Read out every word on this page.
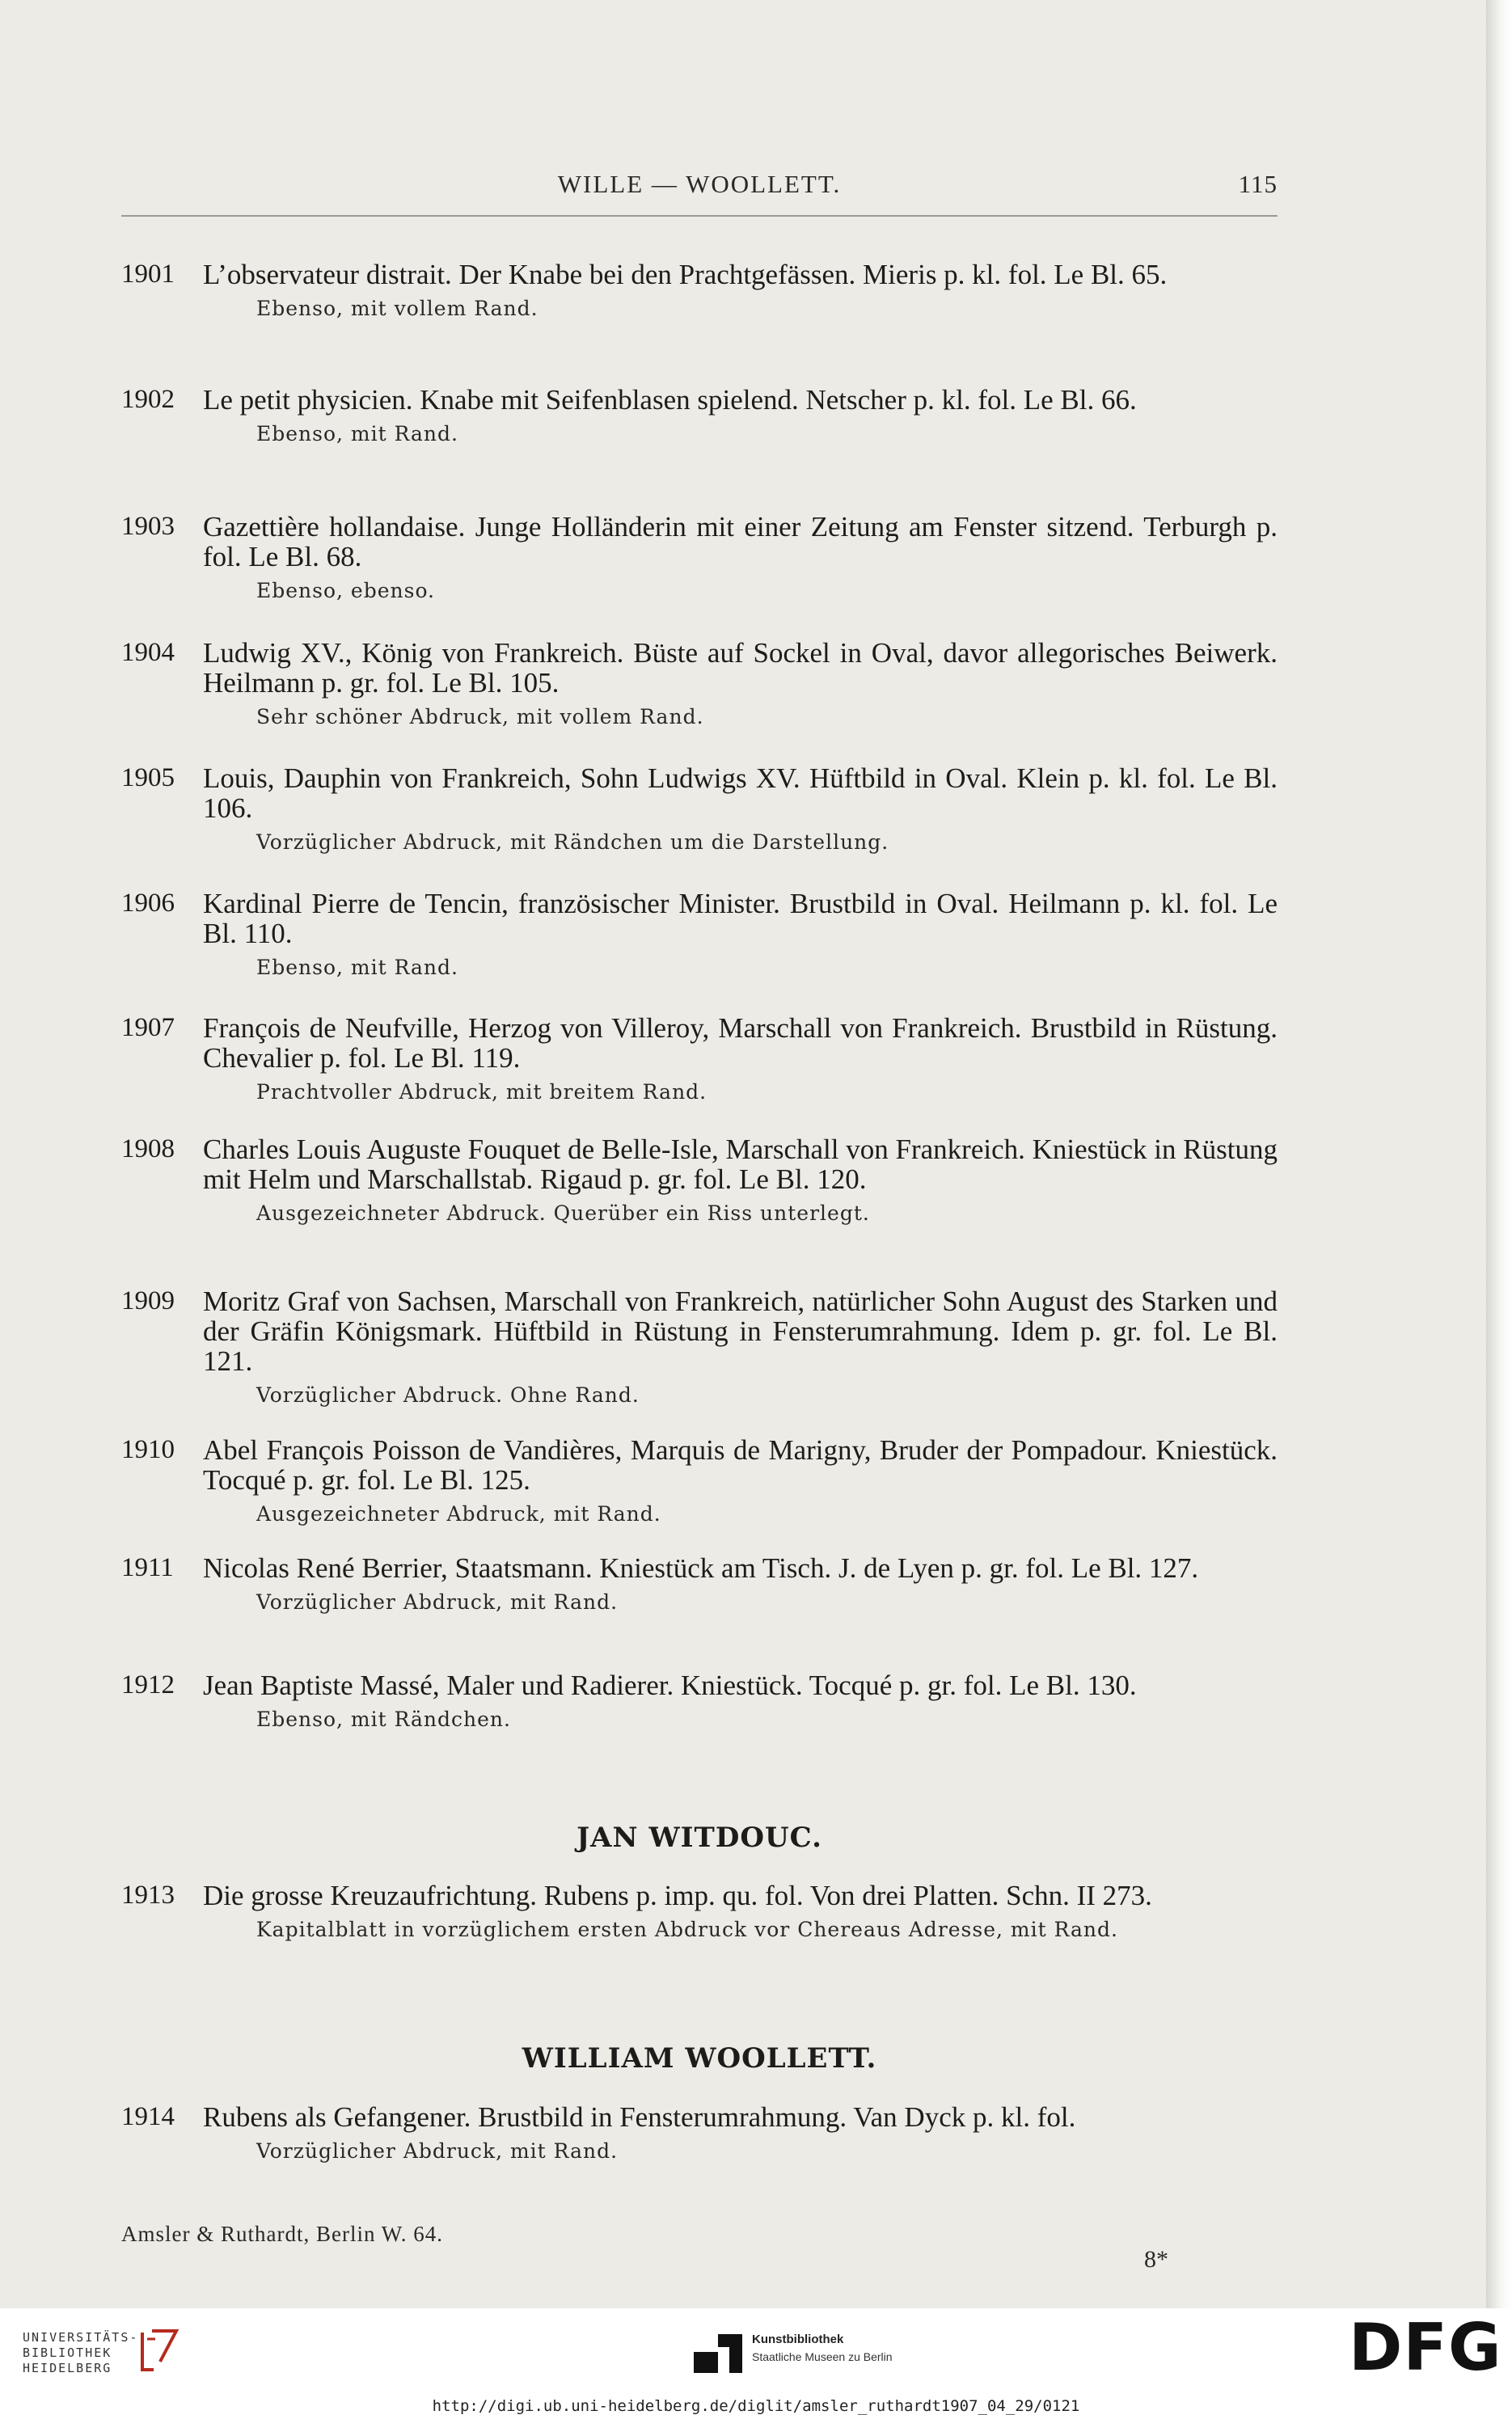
WILLE — WOOLLETT.	115
1901	L’observateur distrait. Der Knabe bei den Prachtgefässen. Mieris p. kl. fol. Le Bl. 65.
Ebenso, mit vollem Rand.
1902	Le petit physicien. Knabe mit Seifenblasen spielend. Netscher p. kl. fol. Le Bl. 66.
Ebenso, mit Rand.
1903	Gazettière hollandaise. Junge Holländerin mit einer Zeitung am Fenster sitzend. Terburgh p. fol. Le Bl. 68.
Ebenso, ebenso.
1904	Ludwig XV., König von Frankreich. Büste auf Sockel in Oval, davor allegorisches Beiwerk. Heilmann p. gr. fol. Le Bl. 105.
Sehr schöner Abdruck, mit vollem Rand.
1905	Louis, Dauphin von Frankreich, Sohn Ludwigs XV. Hüftbild in Oval. Klein p. kl. fol. Le Bl. 106.
Vorzüglicher Abdruck, mit Rändchen um die Darstellung.
1906	Kardinal Pierre de Tencin, französischer Minister. Brustbild in Oval. Heilmann p. kl. fol. Le Bl. 110.
Ebenso, mit Rand.
1907	François de Neufville, Herzog von Villeroy, Marschall von Frankreich. Brustbild in Rüstung. Chevalier p. fol. Le Bl. 119.
Prachtvoller Abdruck, mit breitem Rand.
1908	Charles Louis Auguste Fouquet de Belle-Isle, Marschall von Frankreich. Kniestück in Rüstung mit Helm und Marschallstab. Rigaud p. gr. fol. Le Bl. 120.
Ausgezeichneter Abdruck. Querüber ein Riss unterlegt.
1909	Moritz Graf von Sachsen, Marschall von Frankreich, natürlicher Sohn August des Starken und der Gräfin Königsmark. Hüftbild in Rüstung in Fensterumrahmung. Idem p. gr. fol. Le Bl. 121.
Vorzüglicher Abdruck. Ohne Rand.
1910	Abel François Poisson de Vandières, Marquis de Marigny, Bruder der Pompadour. Kniestück. Tocqué p. gr. fol. Le Bl. 125.
Ausgezeichneter Abdruck, mit Rand.
1911	Nicolas René Berrier, Staatsmann. Kniestück am Tisch. J. de Lyen p. gr. fol. Le Bl. 127.
Vorzüglicher Abdruck, mit Rand.
1912	Jean Baptiste Massé, Maler und Radierer. Kniestück. Tocqué p. gr. fol. Le Bl. 130.
Ebenso, mit Rändchen.
JAN WITDOUC.
1913	Die grosse Kreuzaufrichtung. Rubens p. imp. qu. fol. Von drei Platten. Schn. II 273.
Kapitalblatt in vorzüglichem ersten Abdruck vor Chereaus Adresse, mit Rand.
WILLIAM WOOLLETT.
1914	Rubens als Gefangener. Brustbild in Fensterumrahmung. Van Dyck p. kl. fol.
Vorzüglicher Abdruck, mit Rand.
Amsler & Ruthardt, Berlin W. 64.
8*
UNIVERSITÄTS-
BIBLIOTHEK
HEIDELBERG
Kunstbibliothek
Staatliche Museen zu Berlin	DFG
http://digi.ub.uni-heidelberg.de/diglit/amsler_ruthardt1907_04_29/0121
